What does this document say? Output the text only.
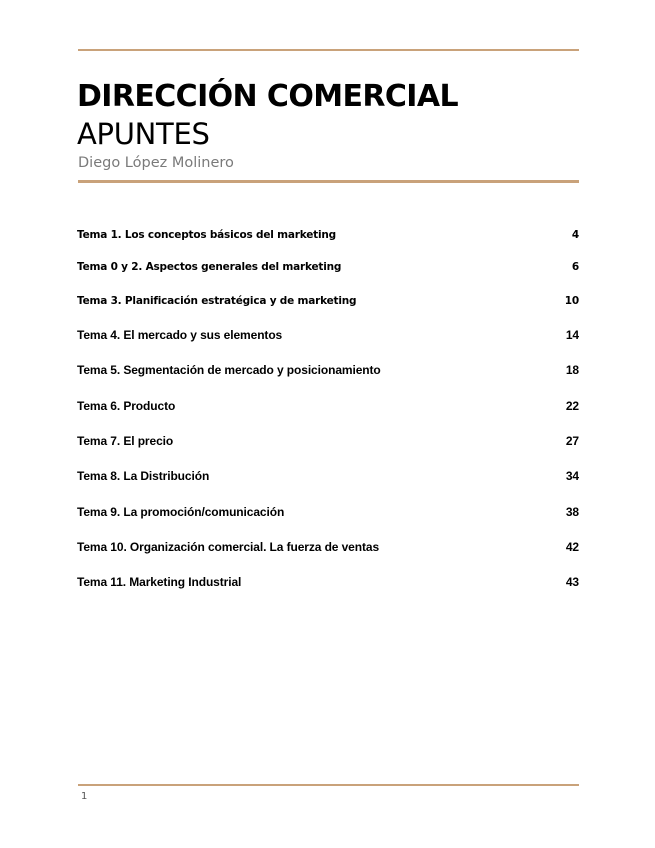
DIRECCIÓN COMERCIAL
APUNTES

Diego López Molinero

Tema 1. Los conceptos básicos del marketing	4
Tema 0 y 2. Aspectos generales del marketing	6
Tema 3. Planificación estratégica y de marketing	10
Tema 4. El mercado y sus elementos	14
Tema 5. Segmentación de mercado y posicionamiento	18
Tema 6. Producto	22
Tema 7. El precio	27
Tema 8. La Distribución	34
Tema 9. La promoción/comunicación	38
Tema 10. Organización comercial. La fuerza de ventas	42
Tema 11. Marketing Industrial	43
1
